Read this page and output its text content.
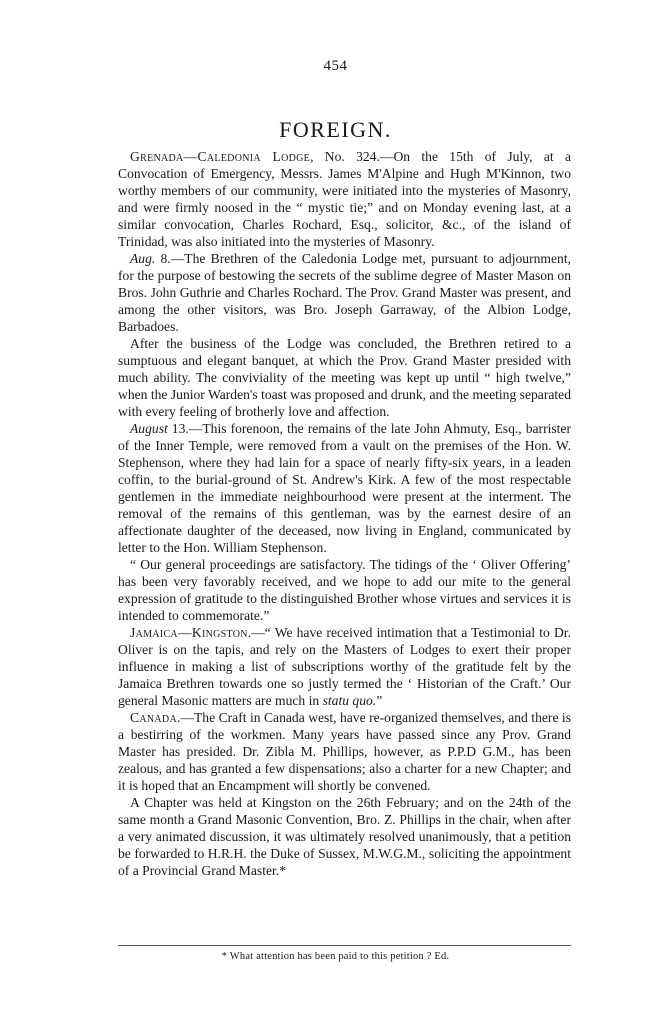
454
FOREIGN.

Grenada—Caledonia Lodge, No. 324.—On the 15th of July, at a Convocation of Emergency, Messrs. James M'Alpine and Hugh M'Kinnon, two worthy members of our community, were initiated into the mysteries of Masonry, and were firmly noosed in the “ mystic tie;” and on Monday evening last, at a similar convocation, Charles Rochard, Esq., solicitor, &c., of the island of Trinidad, was also initiated into the mysteries of Masonry.

Aug. 8.—The Brethren of the Caledonia Lodge met, pursuant to adjournment, for the purpose of bestowing the secrets of the sublime degree of Master Mason on Bros. John Guthrie and Charles Rochard. The Prov. Grand Master was present, and among the other visitors, was Bro. Joseph Garraway, of the Albion Lodge, Barbadoes.

After the business of the Lodge was concluded, the Brethren retired to a sumptuous and elegant banquet, at which the Prov. Grand Master presided with much ability. The conviviality of the meeting was kept up until “ high twelve,” when the Junior Warden's toast was proposed and drunk, and the meeting separated with every feeling of brotherly love and affection.

August 13.—This forenoon, the remains of the late John Ahmuty, Esq., barrister of the Inner Temple, were removed from a vault on the premises of the Hon. W. Stephenson, where they had lain for a space of nearly fifty-six years, in a leaden coffin, to the burial-ground of St. Andrew's Kirk. A few of the most respectable gentlemen in the immediate neighbourhood were present at the interment. The removal of the remains of this gentleman, was by the earnest desire of an affectionate daughter of the deceased, now living in England, communicated by letter to the Hon. William Stephenson.

“ Our general proceedings are satisfactory. The tidings of the ‘ Oliver Offering’ has been very favorably received, and we hope to add our mite to the general expression of gratitude to the distinguished Brother whose virtues and services it is intended to commemorate.”

Jamaica—Kingston.—“ We have received intimation that a Testimonial to Dr. Oliver is on the tapis, and rely on the Masters of Lodges to exert their proper influence in making a list of subscriptions worthy of the gratitude felt by the Jamaica Brethren towards one so justly termed the ‘ Historian of the Craft.’ Our general Masonic matters are much in statu quo.”

Canada.—The Craft in Canada west, have re-organized themselves, and there is a bestirring of the workmen. Many years have passed since any Prov. Grand Master has presided. Dr. Zibla M. Phillips, however, as P.P.D G.M., has been zealous, and has granted a few dispensations; also a charter for a new Chapter; and it is hoped that an Encampment will shortly be convened.

A Chapter was held at Kingston on the 26th February; and on the 24th of the same month a Grand Masonic Convention, Bro. Z. Phillips in the chair, when after a very animated discussion, it was ultimately resolved unanimously, that a petition be forwarded to H.R.H. the Duke of Sussex, M.W.G.M., soliciting the appointment of a Provincial Grand Master.*

* What attention has been paid to this petition ? Ed.
